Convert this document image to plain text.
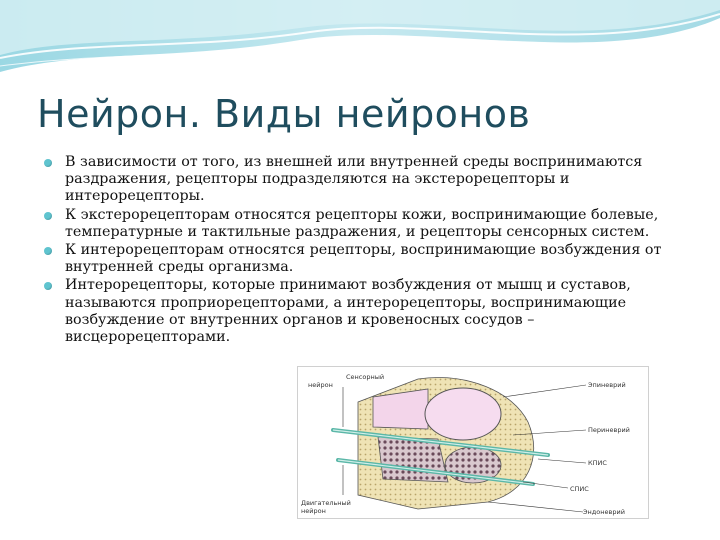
Нейрон. Виды нейронов
В зависимости от того, из внешней или внутренней среды воспринимаются раздражения, рецепторы подразделяются на экстерорецепторы и интерорецепторы.
К экстерорецепторам относятся рецепторы кожи, воспринимающие болевые, температурные и тактильные раздражения, и рецепторы сенсорных систем.
К интерорецепторам относятся рецепторы, воспринимающие возбуждения от внутренней среды организма.
Интерорецепторы, которые принимают возбуждения от мышц и суставов, называются проприорецепторами, а интерорецепторы, воспринимающие возбуждение от внутренних органов и кровеносных сосудов – висцерорецепторами.
Сенсорный
нейрон
Двигательный
нейрон
Эпиневрий
Периневрий
КПИС
СПИС
Эндоневрий
